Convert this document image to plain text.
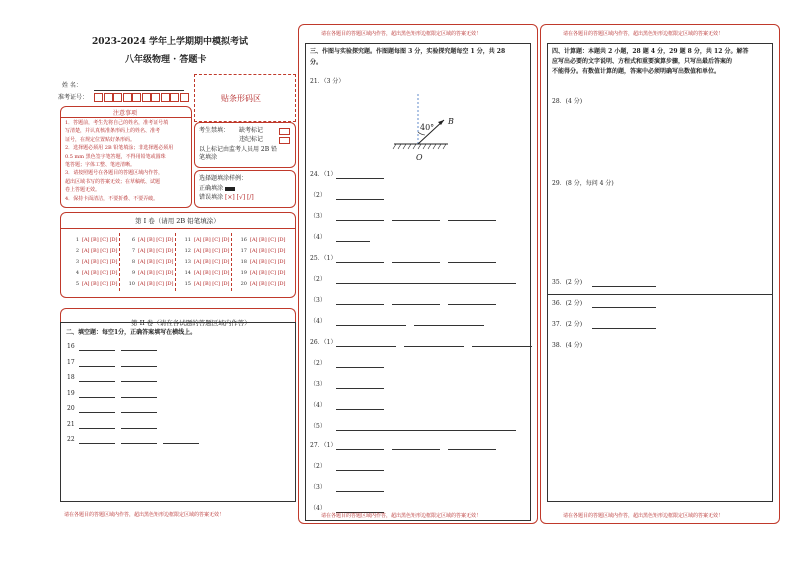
2023-2024 学年上学期期中模拟考试
八年级物理 · 答题卡
姓 名：
准考证号：	贴条形码区
注意事项
1．答题前，考生先将自己的姓名，准考证号填
写清楚，并认真核准条形码上的姓名、准考
证号，在规定位置贴好条形码。
2．选择题必须用 2B 铅笔填涂；非选择题必须用
0.5 mm 黑色签字笔答题，不得用铅笔或圆珠
笔答题；字体工整、笔迹清晰。
3．请按照题号在各题目的答题区域内作答，
超出区域书写的答案无效；在草稿纸、试题
卷上答题无效。
4．保持卡面清洁，不要折叠、不要弄破。
考生禁填： 缺考标记
违纪标记
以上标记由监考人员用 2B 铅
笔填涂
选择题填涂样例：
正确填涂
错误填涂 [×] [√] [/]
第 I 卷（请用 2B 铅笔填涂）
1 [A] [B] [C] [D]
2 [A] [B] [C] [D]
3 [A] [B] [C] [D]
4 [A] [B] [C] [D]
5 [A] [B] [C] [D]
6 [A] [B] [C] [D]
7 [A] [B] [C] [D]
8 [A] [B] [C] [D]
9 [A] [B] [C] [D]
10 [A] [B] [C] [D]
11 [A] [B] [C] [D]
12 [A] [B] [C] [D]
13 [A] [B] [C] [D]
14 [A] [B] [C] [D]
15 [A] [B] [C] [D]
16 [A] [B] [C] [D]
17 [A] [B] [C] [D]
18 [A] [B] [C] [D]
19 [A] [B] [C] [D]
20 [A] [B] [C] [D]
第 II 卷（请在各试题的答题区域内作答）
二、填空题：每空1分，正确答案填写在横线上。
16
17
18
19
20
21
22
请在各题目的答题区域内作答，超出黑色矩形边框限定区域的答案无效！
请在各题目的答题区域内作答，超出黑色矩形边框限定区域的答案无效！
三、作图与实验探究题。作图题每图 3 分，实验探究题每空 1 分，共 28
分。
21．（3 分）
40°
B
O
24．（1）
（2）
（3）
（4）
25．（1）
（2）
（3）
（4）
26．（1）
（2）
（3）
（4）
（5）
27．（1）
（2）
（3）
（4）
请在各题目的答题区域内作答，超出黑色矩形边框限定区域的答案无效！
请在各题目的答题区域内作答，超出黑色矩形边框限定区域的答案无效！
四、计算题：本题共 2 小题，28 题 4 分，29 题 8 分，共 12 分。解答
应写出必要的文字说明、方程式和重要演算步骤，只写出最后答案的
不能得分。有数值计算的题，答案中必须明确写出数值和单位。
28．(4 分)
29．(8 分，每问 4 分)
35．(2 分)
36．(2 分)
37．(2 分)
38．(4 分)
请在各题目的答题区域内作答，超出黑色矩形边框限定区域的答案无效！
